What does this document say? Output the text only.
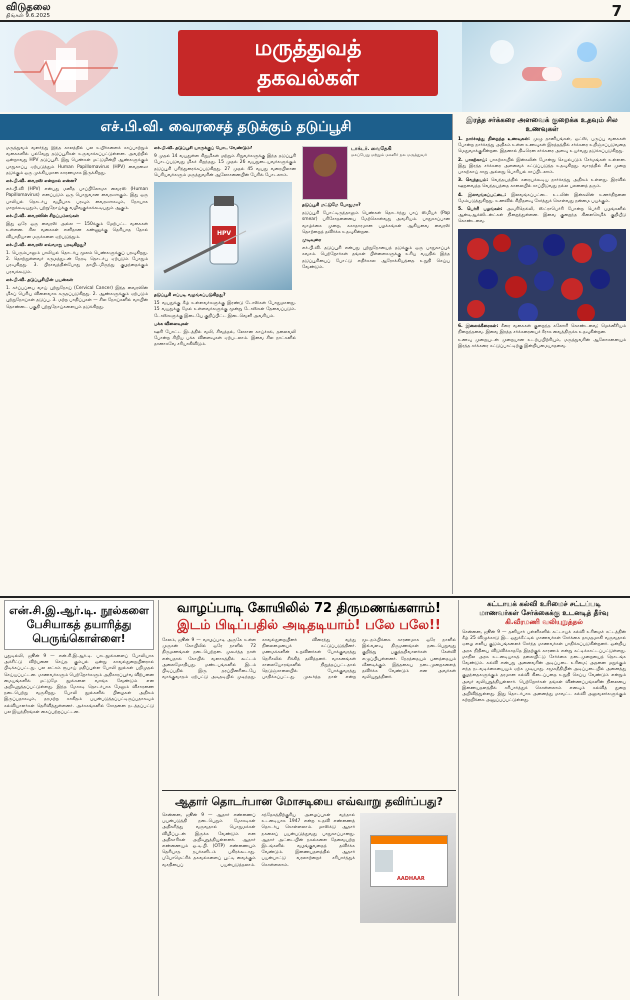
விடுதலை
திங்கள் 9.6.2025	7
மருத்துவத்
தகவல்கள்
எச்.பி.வி. வைரசைத் தடுக்கும் தடுப்பூசி

மருத்துவம் வளர்ந்து இந்த காலத்தில் பல உயிர்களைக் காப்பாற்றும் வகைகளில் பல்வேறு தடுப்பூசிகள் உருவாக்கப்பட்டுள்ளன. அவற்றில் ஒன்றாவது HPV தடுப்பூசி. இது பெண்கள் மட்டுமின்றி ஆண்களுக்கும் பாதுகாப்பு ஏற்படுத்தும் Human Papillomavirus (HPV) வைரஸை தடுக்கும் ஒரு முக்கியமான காரணமாக இருக்கிறது.

எச்.பி.வி. வைரஸ் என்றால் என்ன?

எச்.பி.வி (HPV) என்பது மனித பாப்பிலோமா வைரஸ் (Human Papillomavirus) எனப்படும் ஒரு பொதுவான வைரஸாகும். இது ஒரு பாலியல் தொடர்பு வழியாக பரவும் வைரஸாகவும், நோயாக மாறக்கூடியதும், புற்றுநோய்க்கு வழிவகுக்கக்கூடியதும் ஆகும்.

எச்.பி.வி. வைரஸின் சிறப்பம்சங்கள்

இது ஒரே ஒரு வைரஸ் அல்ல — 150க்கும் மேற்பட்ட வகைகள் உள்ளன. சில வகைகள் எளிதான கண்ணுக்கு தெரியாத தோல் வியாதியான மருக்களை ஏற்படுத்தும்.

எச்.பி.வி. வைரஸ் எவ்வாறு பரவுகிறது?

1. பெரும்பாலும் பாலியல் தொடர்பு மூலம் பெண்களுக்குப் பரவுகிறது. 2. தொற்றுள்ளவர் சருமத்துடன் நேரடி தொடர்பு ஏற்படும் போதும் பரவுகிறது. 3. பிரசவத்தின்போது தாயிடமிருந்து குழந்தைக்கும் பரவக்கூடும்.

எச்.பி.வி. தடுப்பூசியின் பயன்கள்

1. கர்ப்பப்பை வாய் புற்றுநோய் (Cervical Cancer) இந்த வைரஸின் மிகப் பெரிய விளைவாக கருதப்படுகிறது. 2. ஆண்களுக்கும் ஏற்படும் புற்றுநோய்கள் தடுப்பு. 3. மற்ற பாதிப்புகள் — சில நோய்களில் வாயின் தொண்டை பகுதி புற்றுநோய்களையும் தடுக்கிறது.

எச்.பி.வி. தடுப்பூசி யாருக்குப் போட வேண்டும்?

9 முதல் 14 வயதுள்ள சிறுமிகள் மற்றும் சிறுவர்களுக்கு இந்த தடுப்பூசி போடப்படுவது மிகச் சிறந்தது. 15 முதல் 26 வயதுடையவர்களுக்கும் தடுப்பூசி பரிந்துரைக்கப்படுகிறது. 27 முதல் 45 வயது வரையிலான பெரியவர்களும் மருத்துவரின் ஆலோசனையின் பேரில் போடலாம்.

HPV

தடுப்பூசி எப்படி வழங்கப்படுகிறது?

15 வயதுக்கு கீழ் உள்ளவர்களுக்கு இரண்டு டோஸ்கள் போதுமானது. 15 வயதுக்கு மேல் உள்ளவர்களுக்கு மூன்று டோஸ்கள் தேவைப்படும். டோஸ்களுக்கு இடையே குறிப்பிட்ட இடைவெளி அவசியம்.

பக்க விளைவுகள்

ஊசி போட்ட இடத்தில் வலி, சிவத்தல், லேசான காய்ச்சல், தலைவலி போன்ற சிறிய பக்க விளைவுகள் ஏற்படலாம். இவை சில நாட்களில் தானாகவே சரியாகிவிடும்.

டாக்டர். வைதேகி
மகப்பேறு மற்றும் மகளிர் நல மருத்துவர்

தடுப்பூசி மட்டுமே போதுமா?

தடுப்பூசி போட்டிருந்தாலும் பெண்கள் தொடர்ந்து பாப் ஸ்மியர் (Pap smear) பரிசோதனையை மேற்கொள்வது அவசியம். பாதுகாப்பான வாழ்க்கை முறை, சுகாதாரமான பழக்கங்கள் ஆகியவை வைரஸ் தொற்றைத் தவிர்க்க உதவுகின்றன.

முடிவுரை

எச்.பி.வி. தடுப்பூசி என்பது புற்றுநோயைத் தடுக்கும் ஒரு பாதுகாப்புக் கவசம். பெற்றோர்கள் தங்கள் பிள்ளைகளுக்கு உரிய வயதில் இந்த தடுப்பூசியைப் போட்டு எதிர்கால ஆரோக்கியத்தை உறுதி செய்ய வேண்டும்.

இரத்த சர்க்கரை அளவைக் குறைக்க உதவும் சில உணவுகள்

1. நார்ச்சத்து நிறைந்த உணவுகள்: முழு தானியங்கள், ஓட்ஸ், பருப்பு வகைகள் போன்ற நார்ச்சத்து அதிகம் உள்ள உணவுகள் இரத்தத்தில் சர்க்கரை உறிஞ்சப்படுவதை மெதுவாக்குகின்றன. இதனால் திடீரென சர்க்கரை அளவு உயர்வது தடுக்கப்படுகிறது.

2. பாகற்காய்: பாகற்காயில் இன்சுலின் போன்று செயல்படும் சேர்மங்கள் உள்ளன. இது இரத்த சர்க்கரை அளவைக் கட்டுப்படுத்த உதவுகிறது. வாரத்தில் சில முறை பாகற்காய் சாறு அல்லது பொரியல் சாப்பிடலாம்.

3. வெந்தயம்: வெந்தயத்தில் கரையக்கூடிய நார்ச்சத்து அதிகம் உள்ளது. இரவில் ஊறவைத்த வெந்தயத்தை காலையில் சாப்பிடுவது நல்ல பலனைத் தரும்.

4. இலவங்கப்பட்டை: இலவங்கப்பட்டை உடலின் இன்சுலின் உணர்திறனை மேம்படுத்துகிறது. உணவில் சிறிதளவு சேர்த்துக் கொள்வது நன்மை பயக்கும்.

5. பெர்ரி பழங்கள்: அவுரிநெல்லி, ஸ்ட்ராபெர்ரி போன்ற பெர்ரி பழங்களில் ஆன்டிஆக்ஸிடன்ட்கள் நிறைந்துள்ளன. இவை குறைந்த கிளைசெமிக் குறியீடு கொண்டவை.

6. இலைக்கீரைகள்: கீரை வகைகள் குறைந்த கலோரி கொண்டவை; மெக்னீசியம் நிறைந்தவை. இவை இரத்த சர்க்கரையைச் சீராக வைத்திருக்க உதவுகின்றன.

உணவு முறையுடன் முறையான உடற்பயிற்சியும், மருத்துவரின் ஆலோசனையும் இரத்த சர்க்கரை கட்டுப்பாட்டிற்கு இன்றியமையாதவை.

என்.சி.இ.ஆர்.டி. நூல்களை பேசியாகத் தயாரித்து பெருங்கொள்ளை!
புதுடில்லி, ஜூன் 9 — என்.சி.இ.ஆர்.டி. பாடநூல்களைப் போலியாக அச்சிட்டு விற்பனை செய்த கும்பல் ஒன்று காவல்துறையினரால் பிடிக்கப்பட்டது. பல லட்சம் ரூபாய் மதிப்புள்ள போலி நூல்கள் பறிமுதல் செய்யப்பட்டன. மாணவர்களும் பெற்றோர்களும் அதிகாரப்பூர்வ விற்பனை மையங்களில் மட்டுமே நூல்களை வாங்க வேண்டும் என அறிவுறுத்தப்பட்டுள்ளது. இந்த மோசடி தொடர்பாக மேலும் விசாரணை நடைபெற்று வருகிறது. போலி நூல்களில் பிழைகள் அதிகம் இருப்பதாகவும், தரமற்ற காகிதம் பயன்படுத்தப்பட்டிருப்பதாகவும் கல்வியாளர்கள் தெரிவித்துள்ளனர். அச்சகங்களில் சோதனை நடத்தப்பட்டு பல இயந்திரங்கள் கைப்பற்றப்பட்டன.
வாழப்பாடி கோயிலில் 72 திருமணங்களாம்!
இடம் பிடிப்பதில் அடிதடியாம்! பலே பலே!!
சேலம், ஜூன் 9 — வாழப்பாடி அருகே உள்ள முருகன் கோயிலில் ஒரே நாளில் 72 திருமணங்கள் நடைபெற்றன. முகூர்த்த நாள் என்பதால் கோயில் வளாகத்தில் கூட்டம் அலைமோதியது. மண்டபங்களில் இடம் பிடிப்பதில் இரு தரப்பினரிடையே வாக்குவாதம் ஏற்பட்டு அடிதடியில் முடிந்தது. காவல்துறையினர் விரைந்து வந்து நிலைமையைக் கட்டுப்படுத்தினர். மணமக்களின் உறவினர்கள் போக்குவரத்து நெரிசலில் சிக்கித் தவித்தனர். வாகனங்கள் சாலையோரங்களில் நிறுத்தப்பட்டதால் நெடுஞ்சாலையில் போக்குவரத்து பாதிக்கப்பட்டது. முகூர்த்த நாள் என்ற மூடநம்பிக்கை காரணமாக ஒரே நாளில் இவ்வளவு திருமணங்கள் நடைபெறுவது குறித்து பகுத்தறிவாளர்கள் கேள்வி எழுப்பியுள்ளனர். நேரத்தையும் பணத்தையும் வீணடிக்கும் இத்தகைய நடைமுறைகளைத் தவிர்க்க வேண்டும் என அவர்கள் வலியுறுத்தினர்.
ஆதார் தொடர்பான மோசடியை எவ்வாறு தவிர்ப்பது?
சென்னை, ஜூன் 9 — ஆதார் எண்ணைப் பயன்படுத்தி நடைபெறும் மோசடிகள் அதிகரித்து வருவதால் பொதுமக்கள் விழிப்புடன் இருக்க வேண்டும் என அதிகாரிகள் அறிவுறுத்தியுள்ளனர். ஆதார் எண்ணையும் ஓ.டி.பி. (OTP) எண்ணையும் தெரியாத நபர்களிடம் பகிரக்கூடாது. பயோமெட்ரிக் தகவல்களைப் பூட்டி வைக்கும் வசதியைப் பயன்படுத்தலாம். சந்தேகத்திற்குரிய அழைப்புகள் வந்தால் உடனடியாக 1947 என்ற உதவி எண்ணைத் தொடர்பு கொள்ளலாம். மாஸ்க்டு ஆதார் நகலைப் பயன்படுத்துவது பாதுகாப்பானது. ஆதார் அட்டையின் நகல்களை தேவையற்ற இடங்களில் வழங்குவதைத் தவிர்க்க வேண்டும். இணையதளத்தில் ஆதார் பயன்பாட்டு வரலாற்றைச் சரிபார்த்துக் கொள்ளலாம்.
AADHAAR
கட்டாயக் கல்வி உரிமைச் சட்டப்படி
மாணவர்கள் சேர்க்கைக்கு உடனடித் தீர்வு
கி.வீரமணி வலியுறுத்தல்
சென்னை, ஜூன் 9 — தனியார் பள்ளிகளில் கட்டாயக் கல்வி உரிமைச் சட்டத்தின் கீழ் 25 விழுக்காடு இட ஒதுக்கீட்டில் மாணவர்கள் சேர்க்கை தாமதமாகி வருவதால் ஏழை எளிய குடும்பங்களைச் சேர்ந்த மாணவர்கள் பாதிக்கப்படுகின்றனர். ஒன்றிய அரசு நிதியை விடுவிக்காததே இதற்குக் காரணம் என்று சுட்டிக்காட்டப்பட்டுள்ளது. மாநில அரசு உடனடியாகத் தலையிட்டு சேர்க்கை நடைமுறையைத் தொடங்க வேண்டும். கல்வி என்பது அனைவரின் அடிப்படை உரிமை; அதனை மறுக்கும் எந்த நடவடிக்கையையும் ஏற்க முடியாது. சமூகநீதியின் அடிப்படையில் அனைத்து குழந்தைகளுக்கும் தரமான கல்வி கிடைப்பதை உறுதி செய்ய வேண்டும் என்றும் அவர் வலியுறுத்தியுள்ளார். பெற்றோர்கள் தங்கள் விண்ணப்பங்களின் நிலையை இணையதளத்தில் சரிபார்த்துக் கொள்ளலாம் எனவும் கல்வித் துறை அறிவித்துள்ளது. இது தொடர்பாக அனைத்து மாவட்ட கல்வி அலுவலர்களுக்கும் சுற்றறிக்கை அனுப்பப்பட்டுள்ளது.
